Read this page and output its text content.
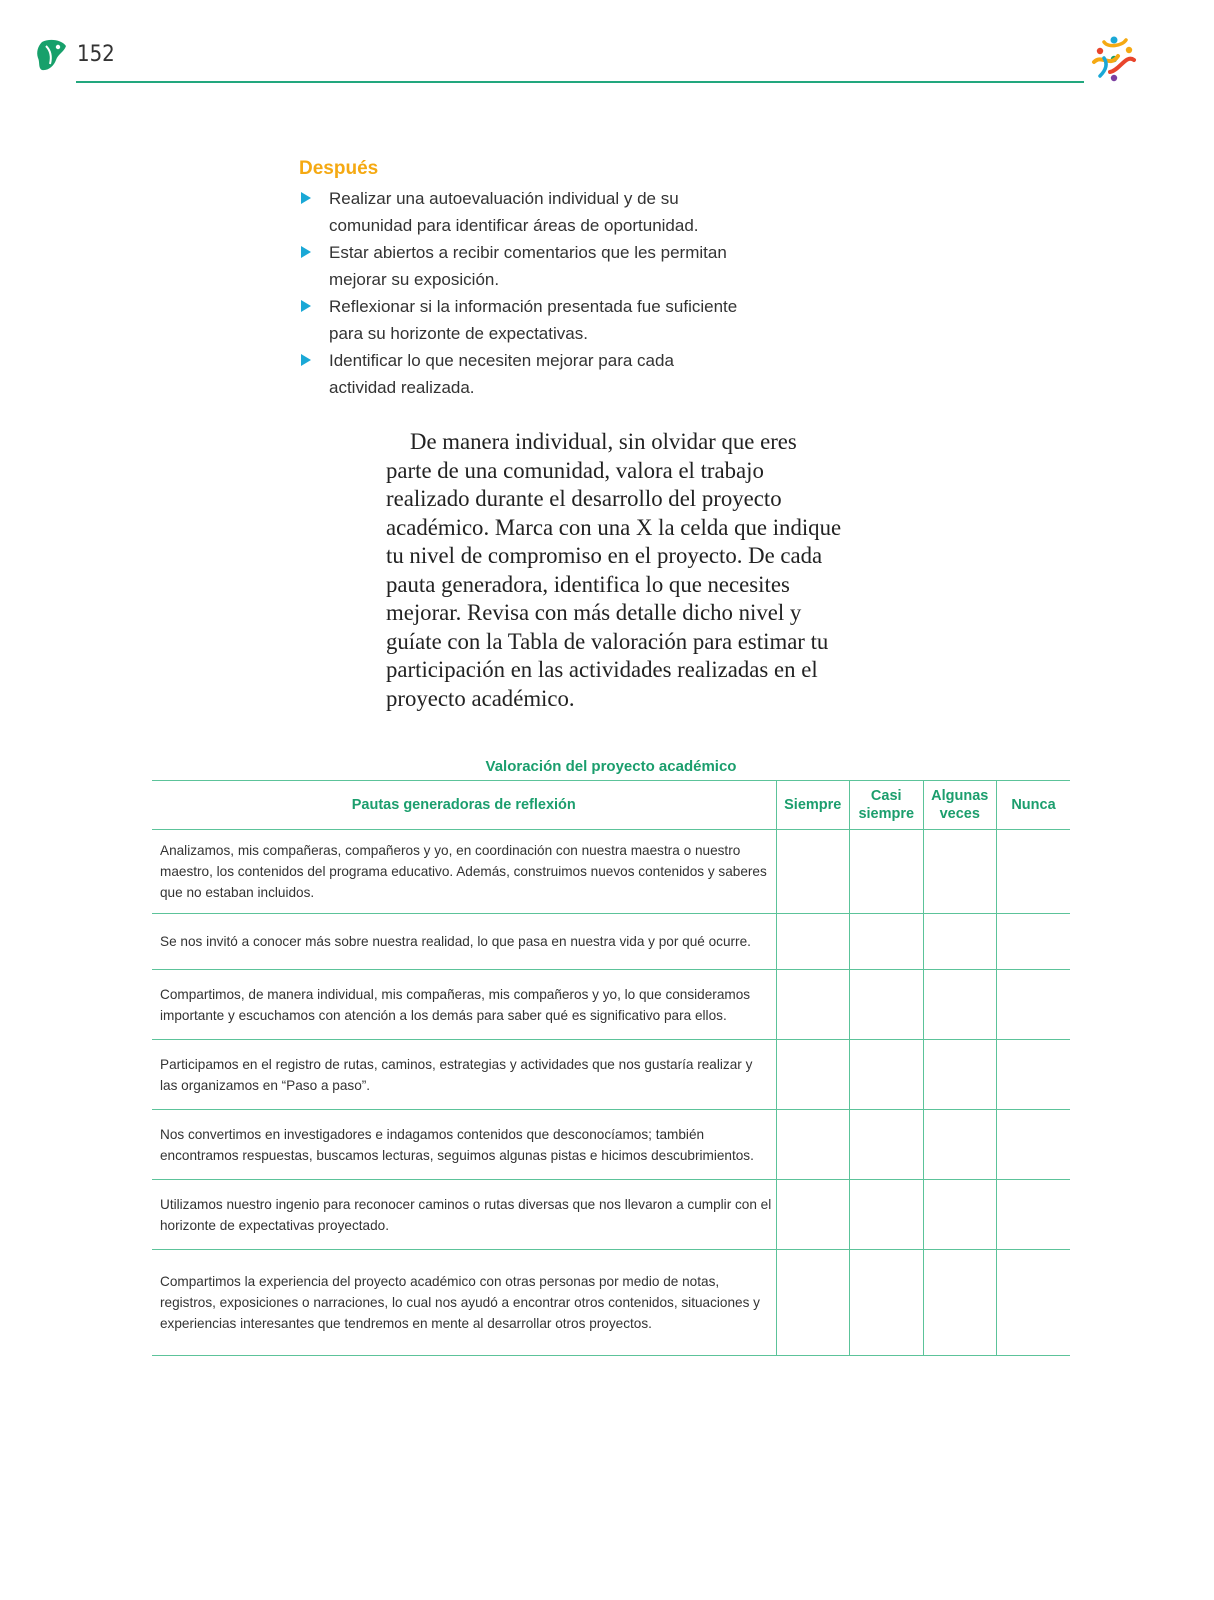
152
Después
Realizar una autoevaluación individual y de su comunidad para identificar áreas de oportunidad.
Estar abiertos a recibir comentarios que les permitan mejorar su exposición.
Reflexionar si la información presentada fue suficiente para su horizonte de expectativas.
Identificar lo que necesiten mejorar para cada actividad realizada.

De manera individual, sin olvidar que eres parte de una comunidad, valora el trabajo realizado durante el desarrollo del proyecto académico. Marca con una X la celda que indique tu nivel de compromiso en el proyecto. De cada pauta generadora, identifica lo que necesites mejorar. Revisa con más detalle dicho nivel y guíate con la Tabla de valoración para estimar tu participación en las actividades realizadas en el proyecto académico.

Valoración del proyecto académico
Pautas generadoras de reflexión	Siempre	Casi siempre	Algunas veces	Nunca
Analizamos, mis compañeras, compañeros y yo, en coordinación con nuestra maestra o nuestro maestro, los contenidos del programa educativo. Además, construimos nuevos contenidos y saberes que no estaban incluidos.				
Se nos invitó a conocer más sobre nuestra realidad, lo que pasa en nuestra vida y por qué ocurre.				
Compartimos, de manera individual, mis compañeras, mis compañeros y yo, lo que consideramos importante y escuchamos con atención a los demás para saber qué es significativo para ellos.				
Participamos en el registro de rutas, caminos, estrategias y actividades que nos gustaría realizar y las organizamos en “Paso a paso”.				
Nos convertimos en investigadores e indagamos contenidos que desconocíamos; también encontramos respuestas, buscamos lecturas, seguimos algunas pistas e hicimos descubrimientos.				
Utilizamos nuestro ingenio para reconocer caminos o rutas diversas que nos llevaron a cumplir con el horizonte de expectativas proyectado.				
Compartimos la experiencia del proyecto académico con otras personas por medio de notas, registros, exposiciones o narraciones, lo cual nos ayudó a encontrar otros contenidos, situaciones y experiencias interesantes que tendremos en mente al desarrollar otros proyectos.				
